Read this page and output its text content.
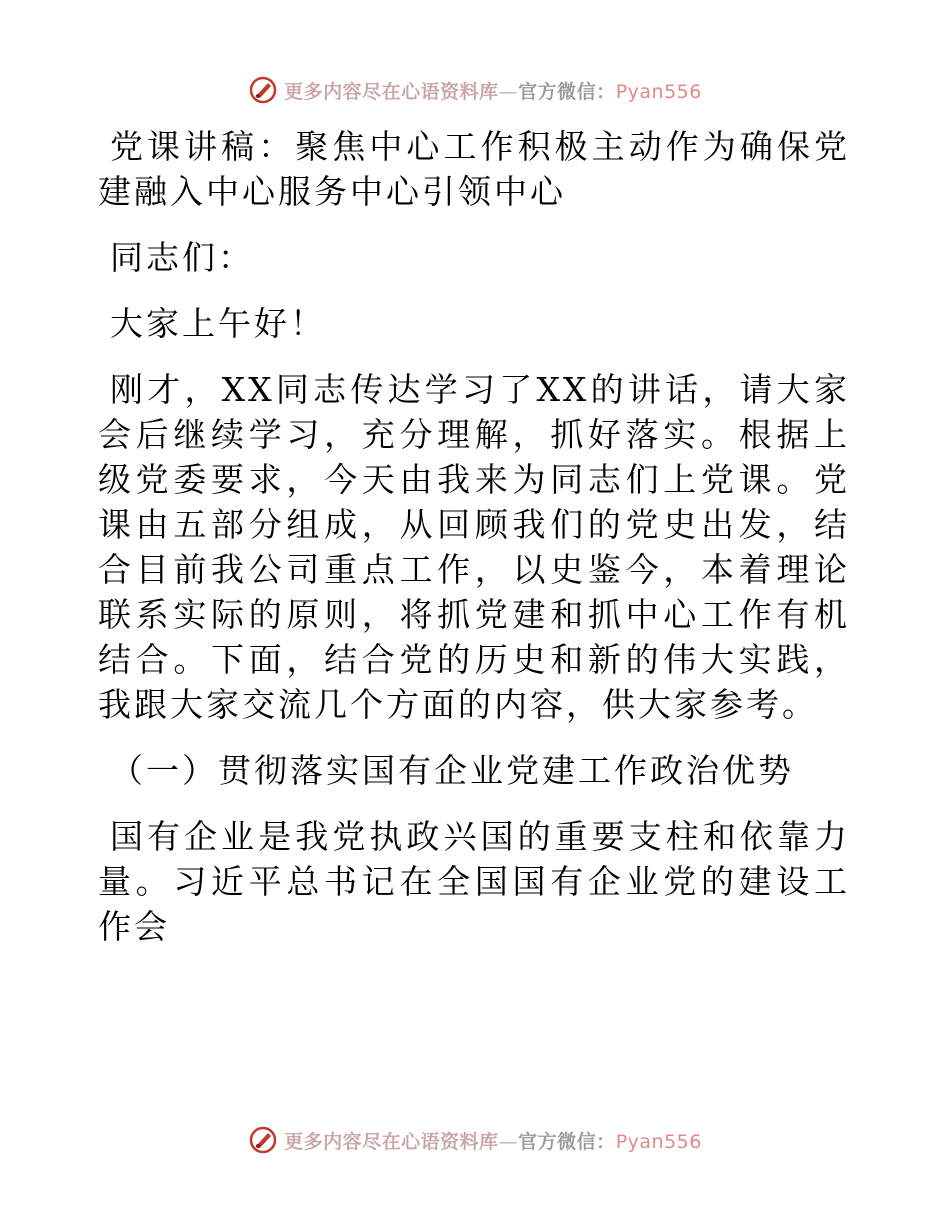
更多内容尽在心语资料库—官方微信：Pyan556

党课讲稿：聚焦中心工作积极主动作为确保党建融入中心服务中心引领中心

同志们：

大家上午好！

刚才，XX同志传达学习了XX的讲话，请大家会后继续学习，充分理解，抓好落实。根据上级党委要求，今天由我来为同志们上党课。党课由五部分组成，从回顾我们的党史出发，结合目前我公司重点工作，以史鉴今，本着理论联系实际的原则，将抓党建和抓中心工作有机结合。下面，结合党的历史和新的伟大实践，我跟大家交流几个方面的内容，供大家参考。

（一）贯彻落实国有企业党建工作政治优势

国有企业是我党执政兴国的重要支柱和依靠力量。习近平总书记在全国国有企业党的建设工作会

更多内容尽在心语资料库—官方微信：Pyan556
